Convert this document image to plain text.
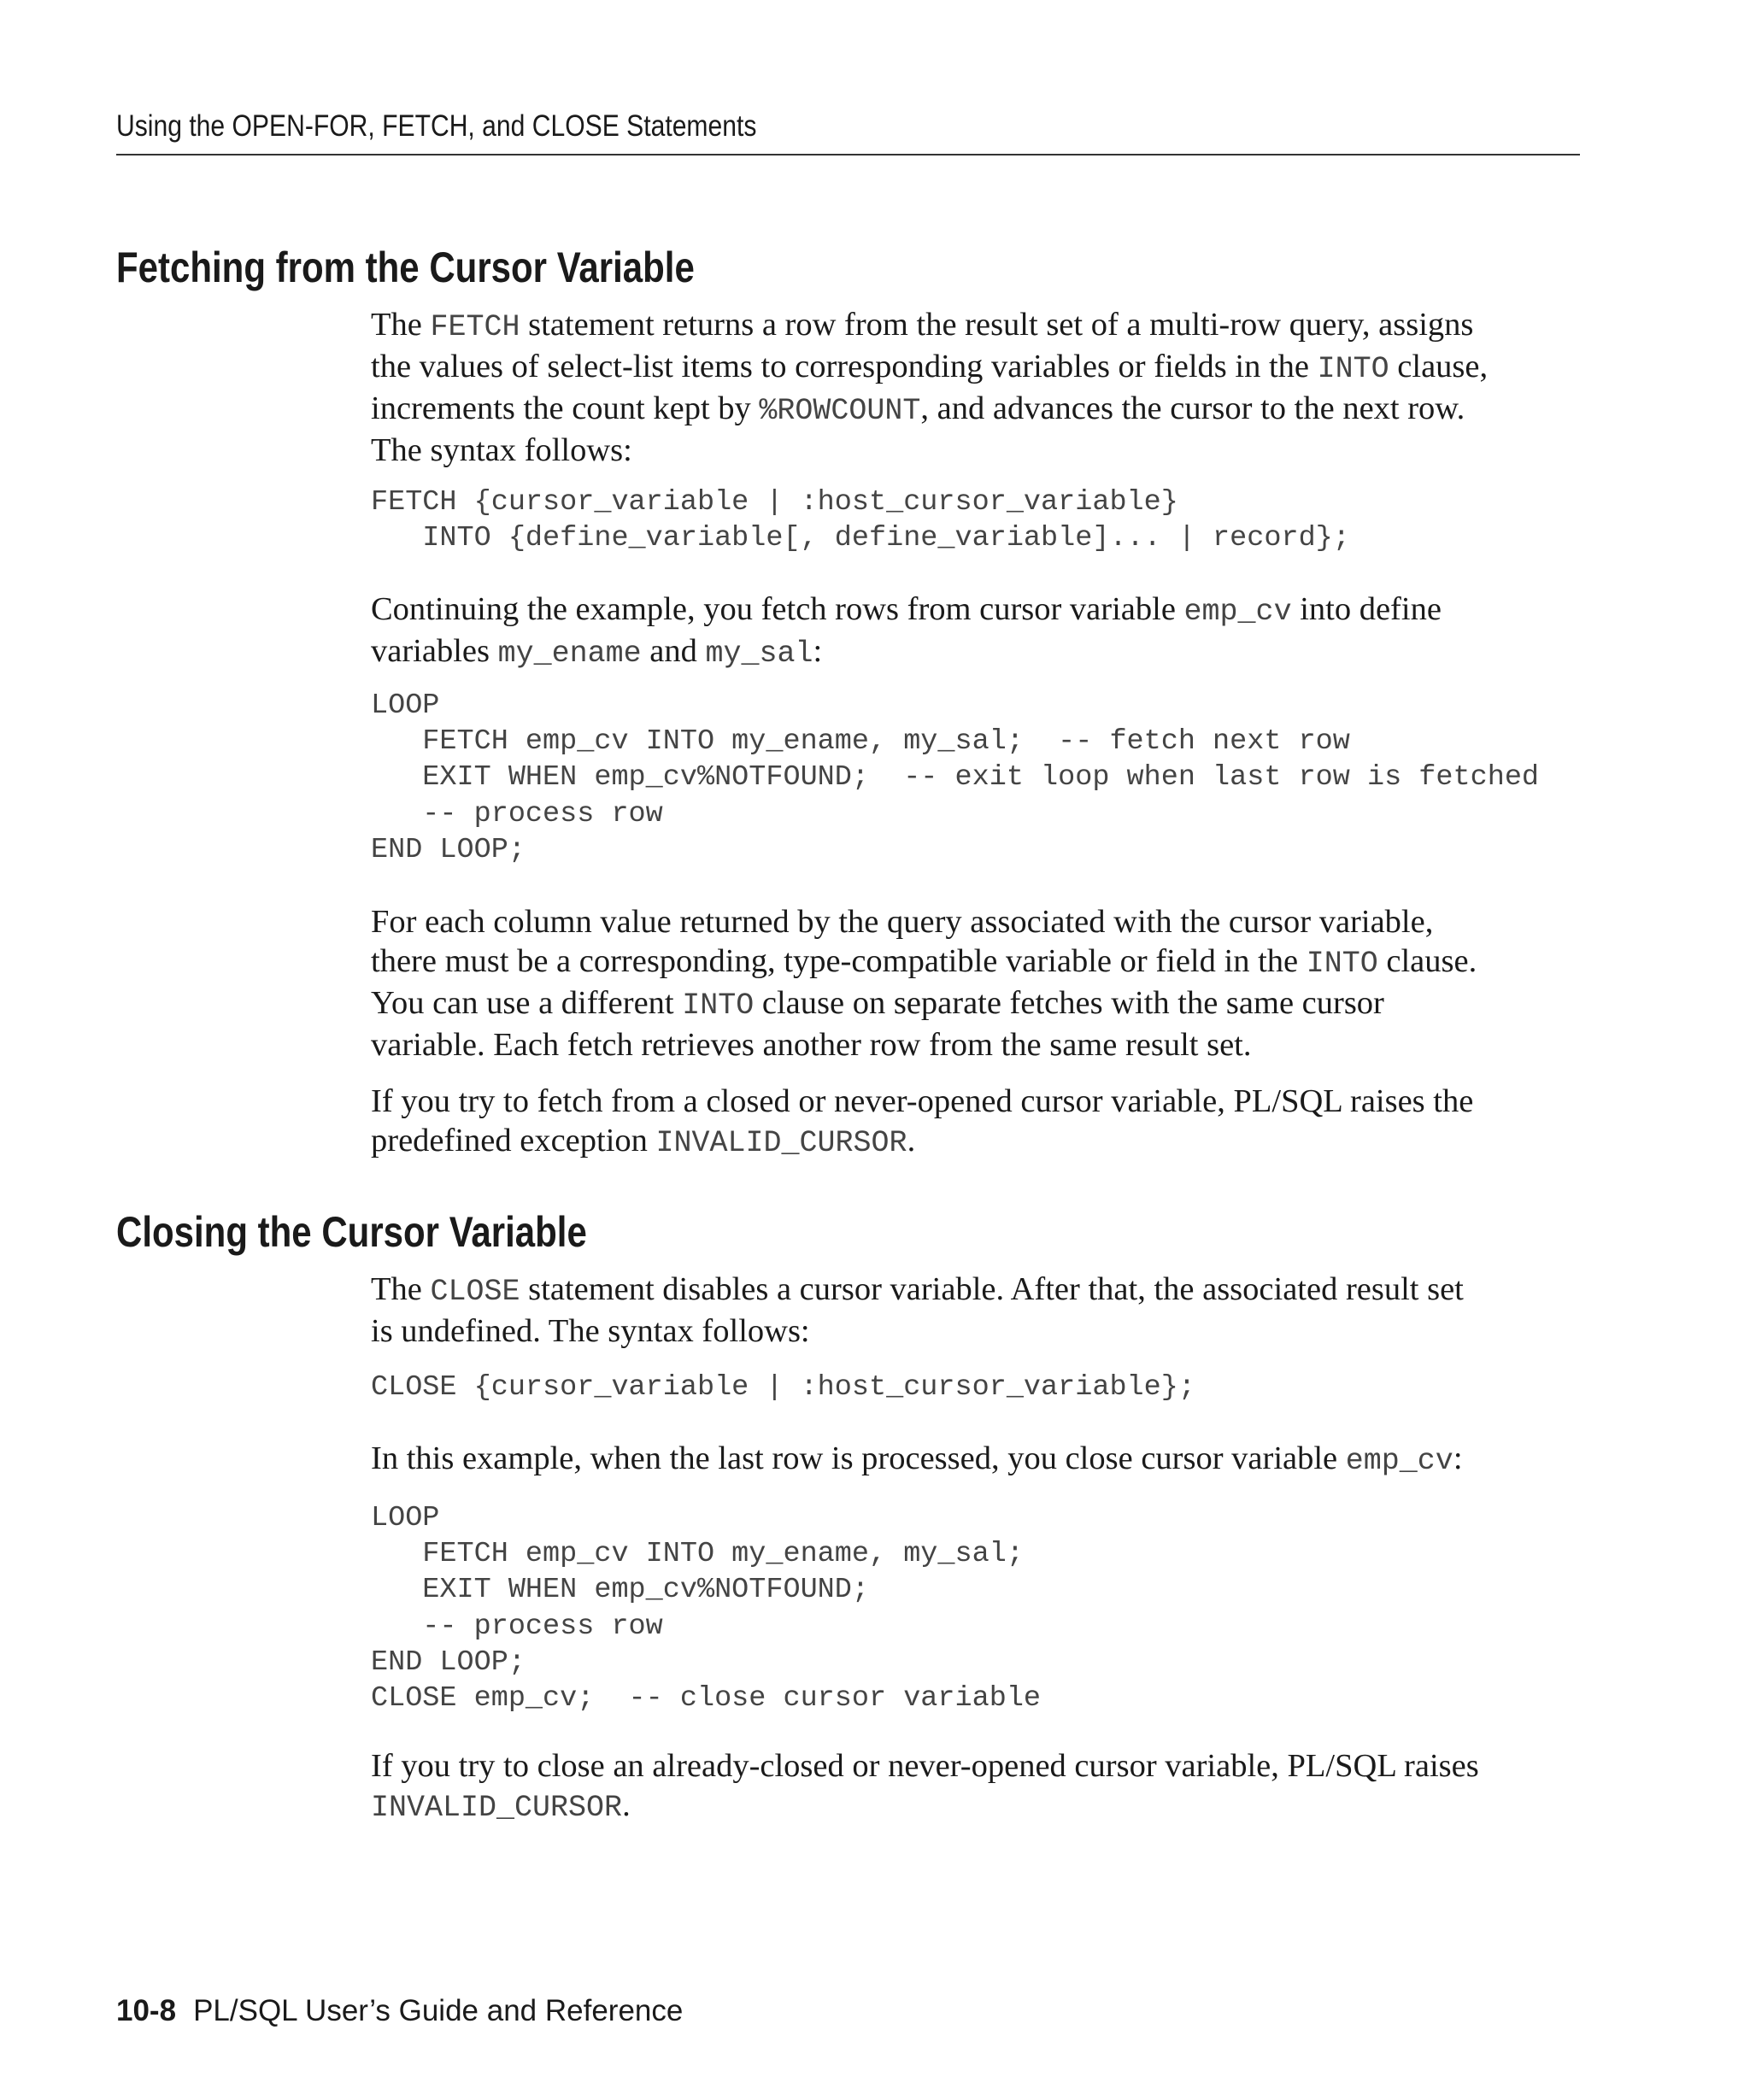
Using the OPEN-FOR, FETCH, and CLOSE Statements
Fetching from the Cursor Variable

The FETCH statement returns a row from the result set of a multi-row query, assigns
the values of select-list items to corresponding variables or fields in the INTO clause,
increments the count kept by %ROWCOUNT, and advances the cursor to the next row.
The syntax follows:

FETCH {cursor_variable | :host_cursor_variable}
INTO {define_variable[, define_variable]... | record};

Continuing the example, you fetch rows from cursor variable emp_cv into define
variables my_ename and my_sal:

LOOP
FETCH emp_cv INTO my_ename, my_sal;  -- fetch next row
EXIT WHEN emp_cv%NOTFOUND;  -- exit loop when last row is fetched
-- process row
END LOOP;

For each column value returned by the query associated with the cursor variable,
there must be a corresponding, type-compatible variable or field in the INTO clause.
You can use a different INTO clause on separate fetches with the same cursor
variable. Each fetch retrieves another row from the same result set.

If you try to fetch from a closed or never-opened cursor variable, PL/SQL raises the
predefined exception INVALID_CURSOR.

Closing the Cursor Variable

The CLOSE statement disables a cursor variable. After that, the associated result set
is undefined. The syntax follows:

CLOSE {cursor_variable | :host_cursor_variable};

In this example, when the last row is processed, you close cursor variable emp_cv:

LOOP
FETCH emp_cv INTO my_ename, my_sal;
EXIT WHEN emp_cv%NOTFOUND;
-- process row
END LOOP;
CLOSE emp_cv;  -- close cursor variable

If you try to close an already-closed or never-opened cursor variable, PL/SQL raises
INVALID_CURSOR.

10-8 PL/SQL User’s Guide and Reference
